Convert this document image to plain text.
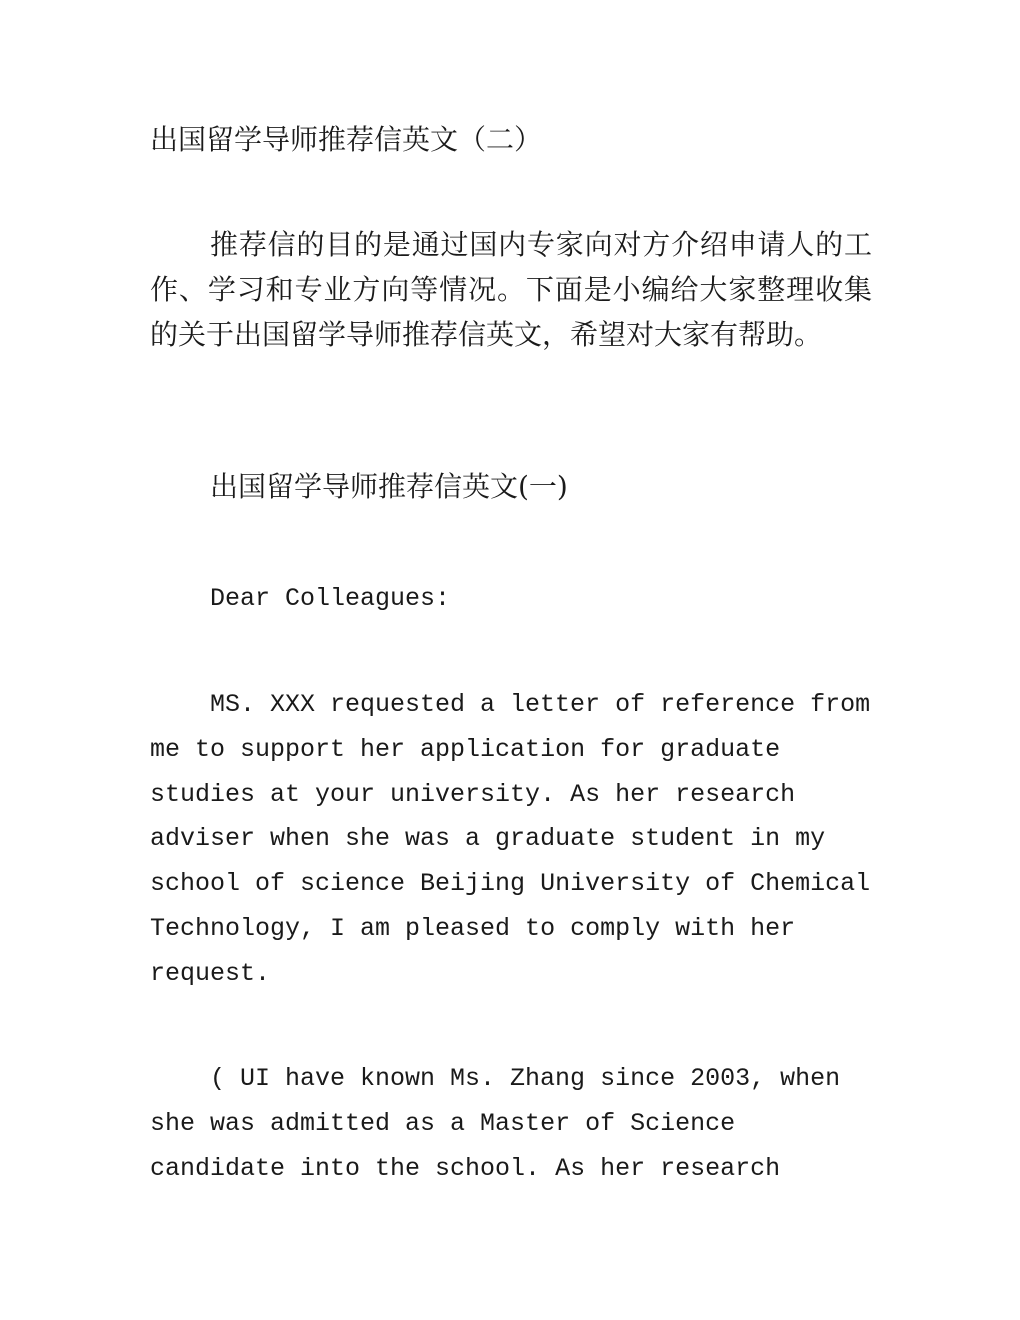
出国留学导师推荐信英文（二）

推荐信的目的是通过国内专家向对方介绍申请人的工作、学习和专业方向等情况。下面是小编给大家整理收集的关于出国留学导师推荐信英文，希望对大家有帮助。

出国留学导师推荐信英文(一)

Dear Colleagues:

MS. XXX requested a letter of reference from
me to support her application for graduate
studies at your university. As her research
adviser when she was a graduate student in my
school of science Beijing University of Chemical
Technology, I am pleased to comply with her
request.

( UI have known Ms. Zhang since 2003, when
she was admitted as a Master of Science
candidate into the school. As her research
